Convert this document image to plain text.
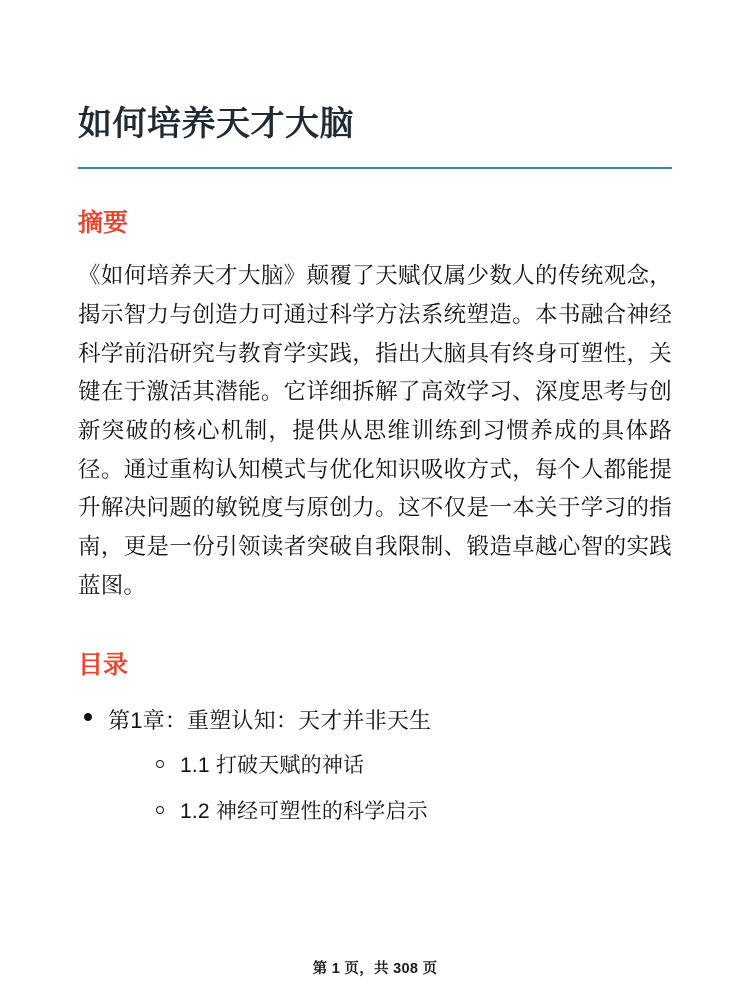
如何培养天才大脑
摘要

《如何培养天才大脑》颠覆了天赋仅属少数人的传统观念，揭示智力与创造力可通过科学方法系统塑造。本书融合神经科学前沿研究与教育学实践，指出大脑具有终身可塑性，关键在于激活其潜能。它详细拆解了高效学习、深度思考与创新突破的核心机制，提供从思维训练到习惯养成的具体路径。通过重构认知模式与优化知识吸收方式，每个人都能提升解决问题的敏锐度与原创力。这不仅是一本关于学习的指南，更是一份引领读者突破自我限制、锻造卓越心智的实践蓝图。

目录
第1章：重塑认知：天才并非天生
1.1 打破天赋的神话
1.2 神经可塑性的科学启示
第 1 页，共 308 页
